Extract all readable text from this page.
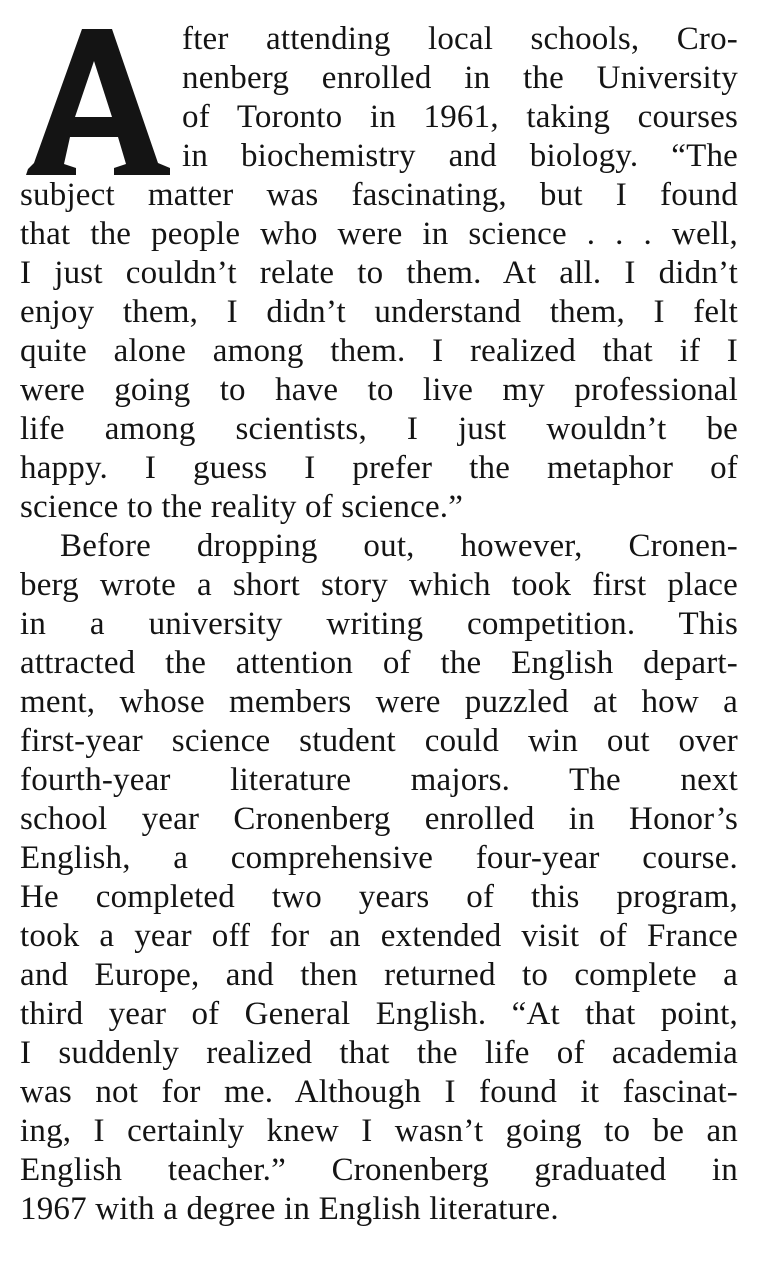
fter attending local schools, Cro-
nenberg enrolled in the University
of Toronto in 1961, taking courses
in biochemistry and biology. “The
subject matter was fascinating, but I found
that the people who were in science . . . well,
I just couldn’t relate to them. At all. I didn’t
enjoy them, I didn’t understand them, I felt
quite alone among them. I realized that if I
were going to have to live my professional
life among scientists, I just wouldn’t be
happy. I guess I prefer the metaphor of
science to the reality of science.”
Before dropping out, however, Cronen-
berg wrote a short story which took first place
in a university writing competition. This
attracted the attention of the English depart-
ment, whose members were puzzled at how a
first-year science student could win out over
fourth-year literature majors. The next
school year Cronenberg enrolled in Honor’s
English, a comprehensive four-year course.
He completed two years of this program,
took a year off for an extended visit of France
and Europe, and then returned to complete a
third year of General English. “At that point,
I suddenly realized that the life of academia
was not for me. Although I found it fascinat-
ing, I certainly knew I wasn’t going to be an
English teacher.” Cronenberg graduated in
1967 with a degree in English literature.
